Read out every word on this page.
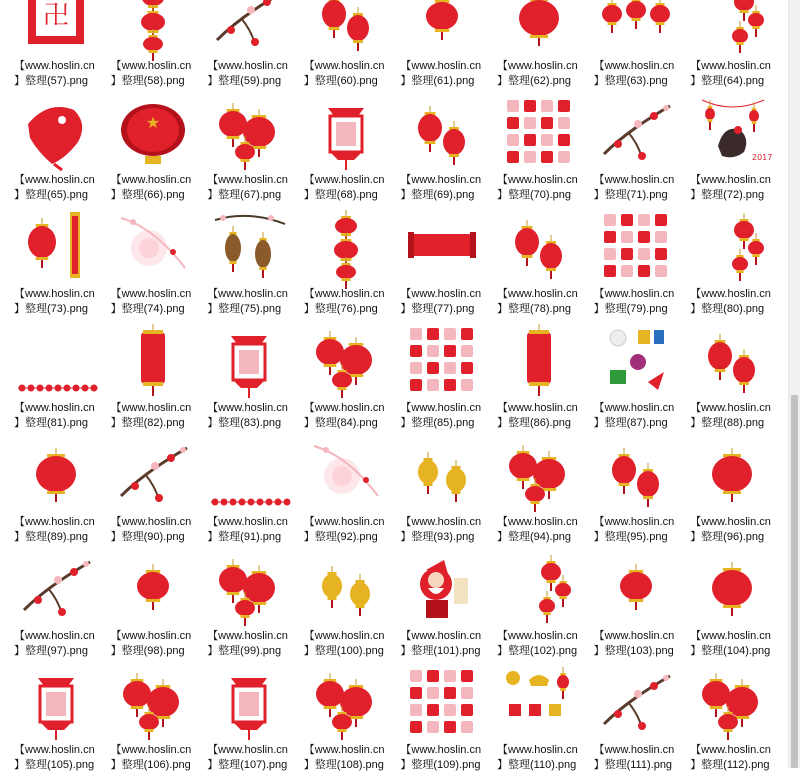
卍
【www.hoslin.cn
】整理(57).png
【www.hoslin.cn
】整理(58).png
【www.hoslin.cn
】整理(59).png
【www.hoslin.cn
】整理(60).png
【www.hoslin.cn
】整理(61).png
【www.hoslin.cn
】整理(62).png
【www.hoslin.cn
】整理(63).png
【www.hoslin.cn
】整理(64).png
【www.hoslin.cn
】整理(65).png
★
【www.hoslin.cn
】整理(66).png
【www.hoslin.cn
】整理(67).png
【www.hoslin.cn
】整理(68).png
【www.hoslin.cn
】整理(69).png
【www.hoslin.cn
】整理(70).png
【www.hoslin.cn
】整理(71).png
2017
【www.hoslin.cn
】整理(72).png
【www.hoslin.cn
】整理(73).png
【www.hoslin.cn
】整理(74).png
【www.hoslin.cn
】整理(75).png
【www.hoslin.cn
】整理(76).png
【www.hoslin.cn
】整理(77).png
【www.hoslin.cn
】整理(78).png
【www.hoslin.cn
】整理(79).png
【www.hoslin.cn
】整理(80).png
【www.hoslin.cn
】整理(81).png
【www.hoslin.cn
】整理(82).png
【www.hoslin.cn
】整理(83).png
【www.hoslin.cn
】整理(84).png
【www.hoslin.cn
】整理(85).png
【www.hoslin.cn
】整理(86).png
【www.hoslin.cn
】整理(87).png
【www.hoslin.cn
】整理(88).png
【www.hoslin.cn
】整理(89).png
【www.hoslin.cn
】整理(90).png
【www.hoslin.cn
】整理(91).png
【www.hoslin.cn
】整理(92).png
【www.hoslin.cn
】整理(93).png
【www.hoslin.cn
】整理(94).png
【www.hoslin.cn
】整理(95).png
【www.hoslin.cn
】整理(96).png
【www.hoslin.cn
】整理(97).png
【www.hoslin.cn
】整理(98).png
【www.hoslin.cn
】整理(99).png
【www.hoslin.cn
】整理(100).png
【www.hoslin.cn
】整理(101).png
【www.hoslin.cn
】整理(102).png
【www.hoslin.cn
】整理(103).png
【www.hoslin.cn
】整理(104).png
【www.hoslin.cn
】整理(105).png
【www.hoslin.cn
】整理(106).png
【www.hoslin.cn
】整理(107).png
【www.hoslin.cn
】整理(108).png
【www.hoslin.cn
】整理(109).png
【www.hoslin.cn
】整理(110).png
【www.hoslin.cn
】整理(111).png
【www.hoslin.cn
】整理(112).png
